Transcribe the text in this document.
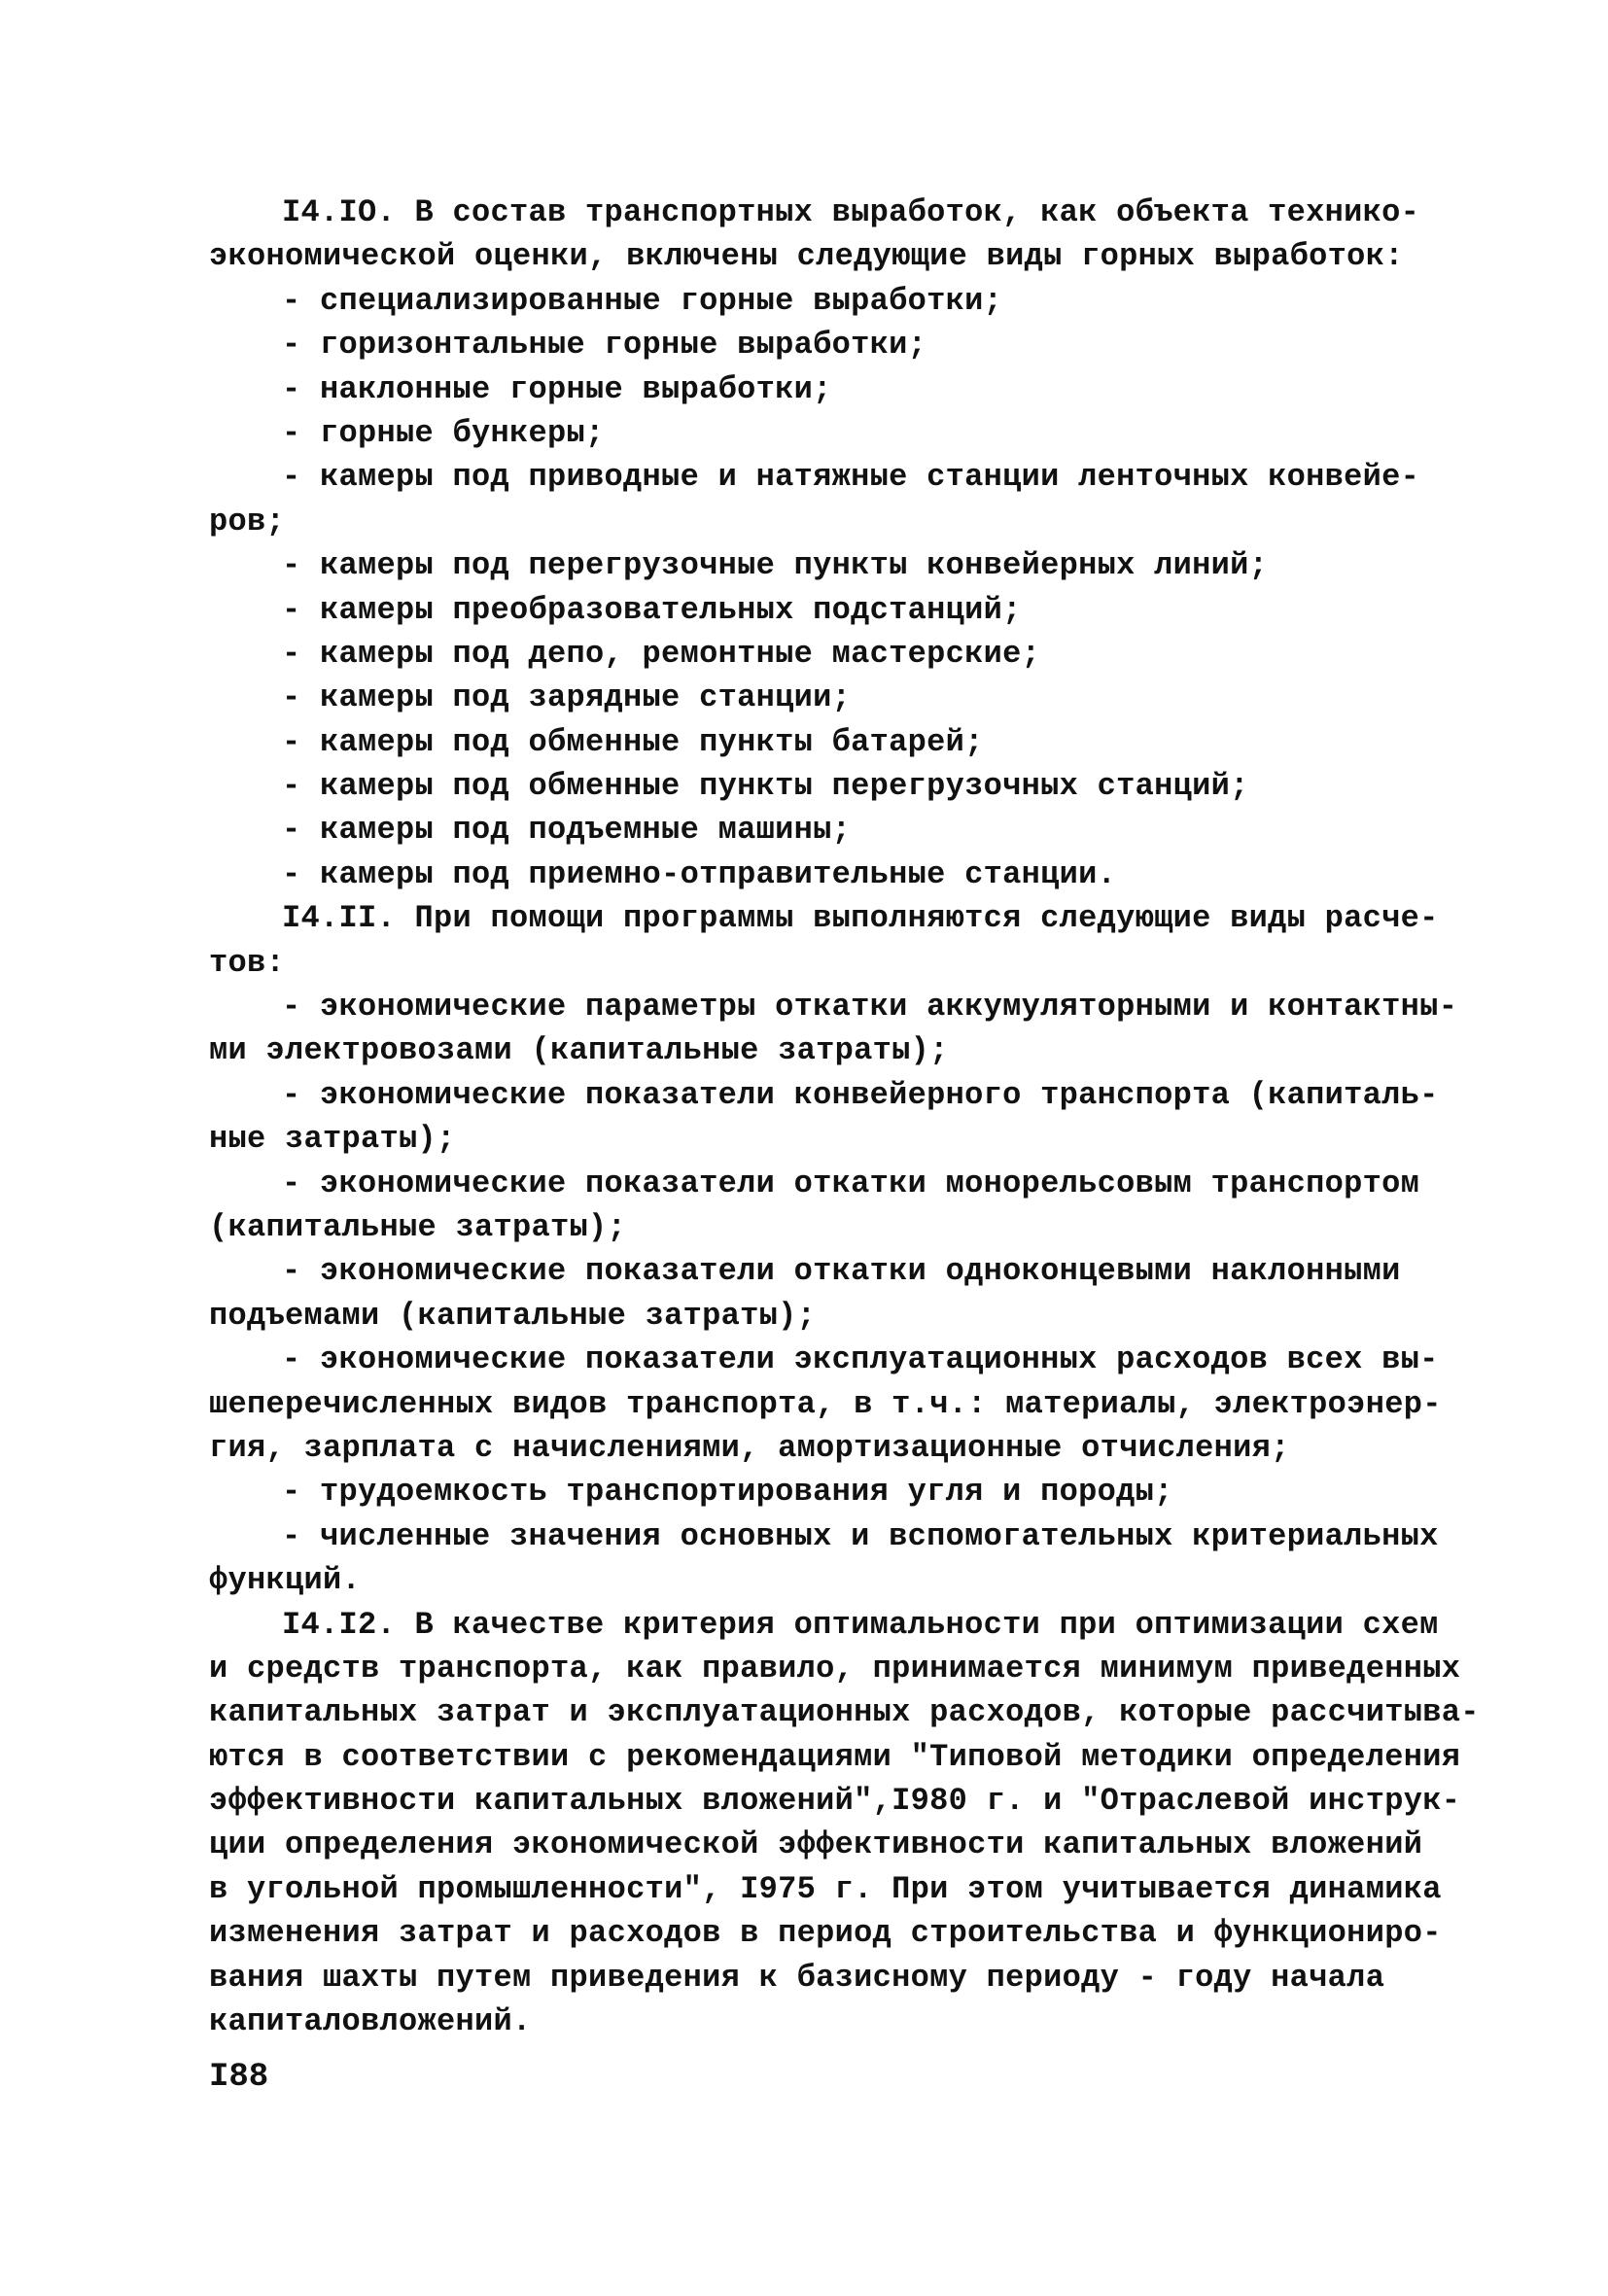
I4.IO. В состав транспортных выработок, как объекта технико-
экономической оценки, включены следующие виды горных выработок:
- специализированные горные выработки;
- горизонтальные горные выработки;
- наклонные горные выработки;
- горные бункеры;
- камеры под приводные и натяжные станции ленточных конвейе-
ров;
- камеры под перегрузочные пункты конвейерных линий;
- камеры преобразовательных подстанций;
- камеры под депо, ремонтные мастерские;
- камеры под зарядные станции;
- камеры под обменные пункты батарей;
- камеры под обменные пункты перегрузочных станций;
- камеры под подъемные машины;
- камеры под приемно-отправительные станции.
I4.II. При помощи программы выполняются следующие виды расче-
тов:
- экономические параметры откатки аккумуляторными и контактны-
ми электровозами (капитальные затраты);
- экономические показатели конвейерного транспорта (капиталь-
ные затраты);
- экономические показатели откатки монорельсовым транспортом
(капитальные затраты);
- экономические показатели откатки одноконцевыми наклонными
подъемами (капитальные затраты);
- экономические показатели эксплуатационных расходов всех вы-
шеперечисленных видов транспорта, в т.ч.: материалы, электроэнер-
гия, зарплата с начислениями, амортизационные отчисления;
- трудоемкость транспортирования угля и породы;
- численные значения основных и вспомогательных критериальных
функций.
I4.I2. В качестве критерия оптимальности при оптимизации схем
и средств транспорта, как правило, принимается минимум приведенных
капитальных затрат и эксплуатационных расходов, которые рассчитыва-
ются в соответствии с рекомендациями "Типовой методики определения
эффективности капитальных вложений",I980 г. и "Отраслевой инструк-
ции определения экономической эффективности капитальных вложений
в угольной промышленности", I975 г. При этом учитывается динамика
изменения затрат и расходов в период строительства и функциониро-
вания шахты путем приведения к базисному периоду - году начала
капиталовложений.
I88
